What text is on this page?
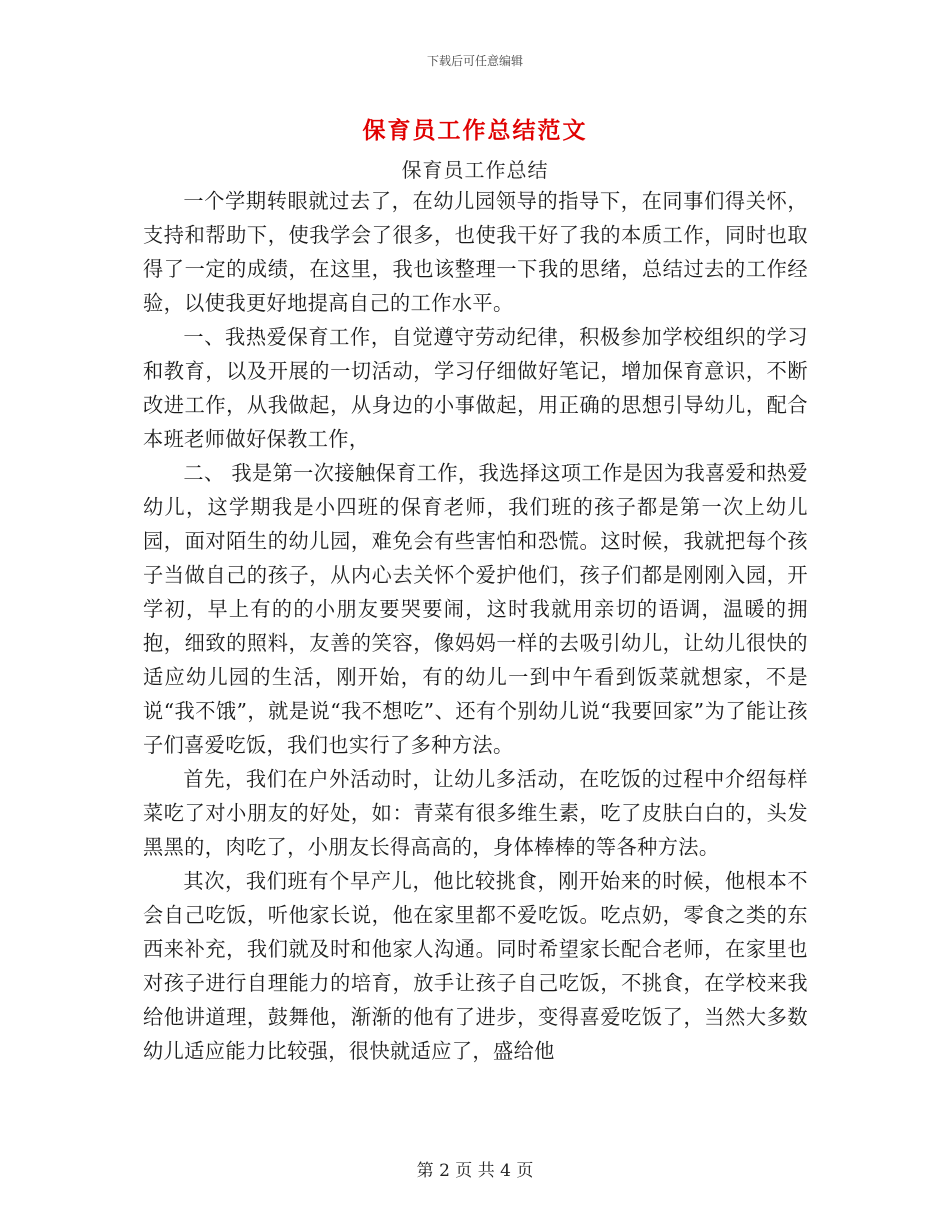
下载后可任意编辑
保育员工作总结范文
保育员工作总结

一个学期转眼就过去了，在幼儿园领导的指导下，在同事们得关怀，支持和帮助下，使我学会了很多，也使我干好了我的本质工作，同时也取得了一定的成绩，在这里，我也该整理一下我的思绪，总结过去的工作经验，以使我更好地提高自己的工作水平。

一、我热爱保育工作，自觉遵守劳动纪律，积极参加学校组织的学习和教育，以及开展的一切活动，学习仔细做好笔记，增加保育意识，不断改进工作，从我做起，从身边的小事做起，用正确的思想引导幼儿，配合本班老师做好保教工作，

二、 我是第一次接触保育工作，我选择这项工作是因为我喜爱和热爱幼儿，这学期我是小四班的保育老师，我们班的孩子都是第一次上幼儿园，面对陌生的幼儿园，难免会有些害怕和恐慌。这时候，我就把每个孩子当做自己的孩子，从内心去关怀个爱护他们，孩子们都是刚刚入园，开学初，早上有的的小朋友要哭要闹，这时我就用亲切的语调，温暖的拥抱，细致的照料，友善的笑容，像妈妈一样的去吸引幼儿，让幼儿很快的适应幼儿园的生活，刚开始，有的幼儿一到中午看到饭菜就想家，不是说“我不饿”，就是说“我不想吃”、还有个别幼儿说“我要回家”为了能让孩子们喜爱吃饭，我们也实行了多种方法。

首先，我们在户外活动时，让幼儿多活动，在吃饭的过程中介绍每样菜吃了对小朋友的好处，如：青菜有很多维生素，吃了皮肤白白的，头发黑黑的，肉吃了，小朋友长得高高的，身体棒棒的等各种方法。

其次，我们班有个早产儿，他比较挑食，刚开始来的时候，他根本不会自己吃饭，听他家长说，他在家里都不爱吃饭。吃点奶，零食之类的东西来补充，我们就及时和他家人沟通。同时希望家长配合老师，在家里也对孩子进行自理能力的培育，放手让孩子自己吃饭，不挑食，在学校来我给他讲道理，鼓舞他，渐渐的他有了进步，变得喜爱吃饭了，当然大多数幼儿适应能力比较强，很快就适应了，盛给他

第 2 页 共 4 页
